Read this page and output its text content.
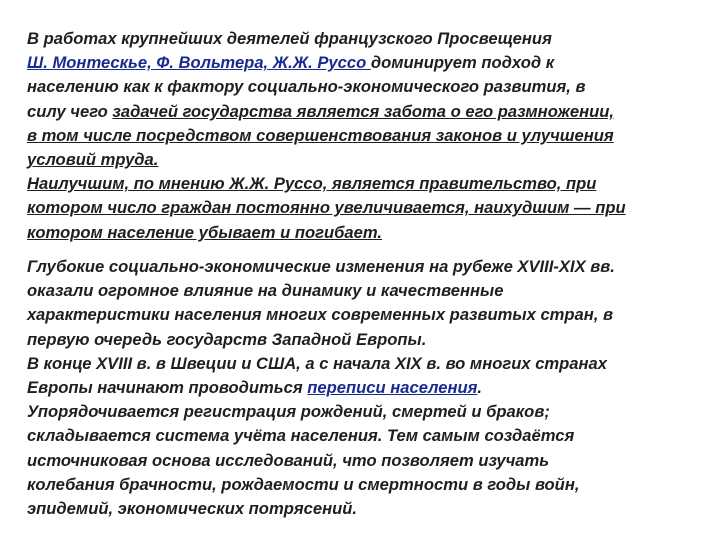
В работах крупнейших деятелей французского Просвещения
Ш. Монтескье, Ф. Вольтера, Ж.Ж. Руссо доминирует подход к
населению как к фактору социально-экономического развития, в
силу чего задачей государства является забота о его размножении,
в том числе посредством совершенствования законов и улучшения
условий труда.
Наилучшим, по мнению Ж.Ж. Руссо, является правительство, при
котором число граждан постоянно увеличивается, наихудшим — при
котором население убывает и погибает.
Глубокие социально-экономические изменения на рубеже XVIII-XIX вв.
оказали огромное влияние на динамику и качественные
характеристики населения многих современных развитых стран, в
первую очередь государств Западной Европы.
В конце XVIII в. в Швеции и США, а с начала XIX в. во многих странах
Европы начинают проводиться переписи населения.
Упорядочивается регистрация рождений, смертей и браков;
складывается система учёта населения. Тем самым создаётся
источниковая основа исследований, что позволяет изучать
колебания брачности, рождаемости и смертности в годы войн,
эпидемий, экономических потрясений.
